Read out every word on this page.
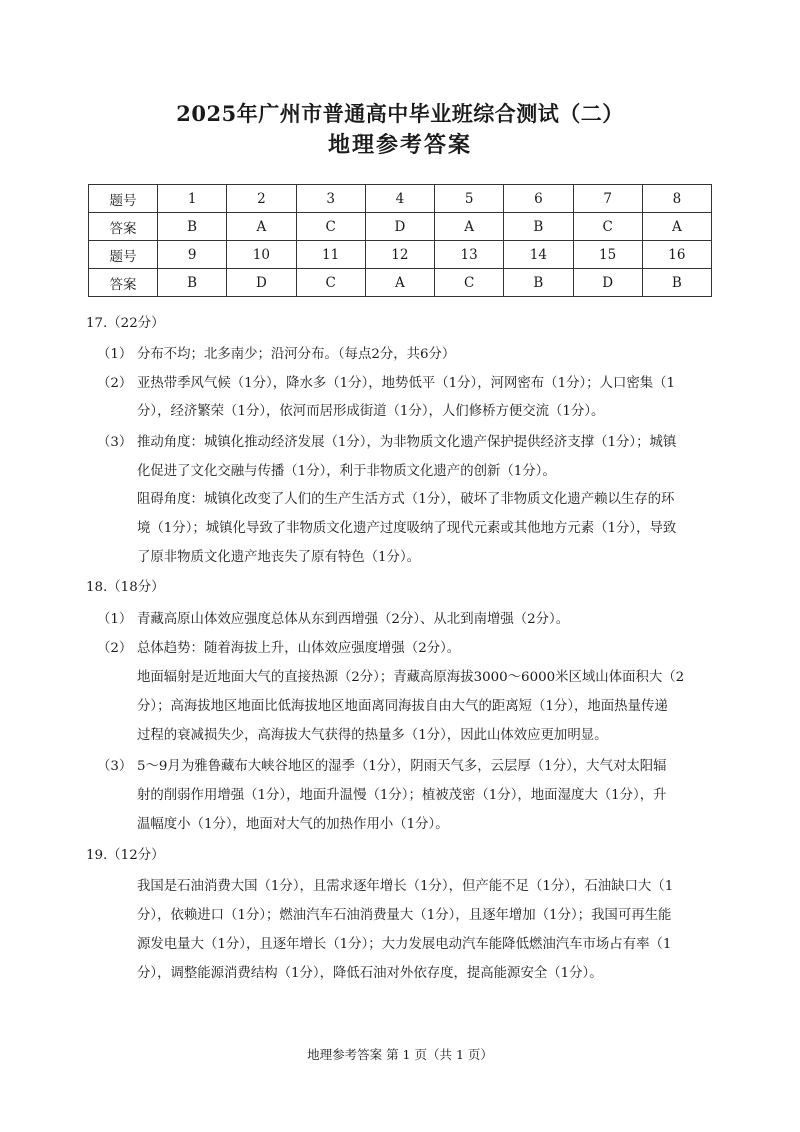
2025年广州市普通高中毕业班综合测试（二）
地理参考答案
题号	1	2	3	4	5	6	7	8
答案	B	A	C	D	A	B	C	A
题号	9	10	11	12	13	14	15	16
答案	B	D	C	A	C	B	D	B
17.（22分）
（1） 分布不均；北多南少；沿河分布。（每点2分，共6分）
（2） 亚热带季风气候（1分），降水多（1分），地势低平（1分），河网密布（1分）；人口密集（1
分），经济繁荣（1分），依河而居形成街道（1分），人们修桥方便交流（1分）。
（3） 推动角度：城镇化推动经济发展（1分），为非物质文化遗产保护提供经济支撑（1分）；城镇
化促进了文化交融与传播（1分），利于非物质文化遗产的创新（1分）。
阻碍角度：城镇化改变了人们的生产生活方式（1分），破坏了非物质文化遗产赖以生存的环
境（1分）；城镇化导致了非物质文化遗产过度吸纳了现代元素或其他地方元素（1分），导致
了原非物质文化遗产地丧失了原有特色（1分）。
18.（18分）
（1） 青藏高原山体效应强度总体从东到西增强（2分）、从北到南增强（2分）。
（2） 总体趋势：随着海拔上升，山体效应强度增强（2分）。
地面辐射是近地面大气的直接热源（2分）；青藏高原海拔3000～6000米区域山体面积大（2
分）；高海拔地区地面比低海拔地区地面离同海拔自由大气的距离短（1分），地面热量传递
过程的衰减损失少，高海拔大气获得的热量多（1分），因此山体效应更加明显。
（3） 5～9月为雅鲁藏布大峡谷地区的湿季（1分），阴雨天气多，云层厚（1分），大气对太阳辐
射的削弱作用增强（1分），地面升温慢（1分）；植被茂密（1分），地面湿度大（1分），升
温幅度小（1分），地面对大气的加热作用小（1分）。
19.（12分）
我国是石油消费大国（1分），且需求逐年增长（1分），但产能不足（1分），石油缺口大（1
分），依赖进口（1分）；燃油汽车石油消费量大（1分），且逐年增加（1分）；我国可再生能
源发电量大（1分），且逐年增长（1分）；大力发展电动汽车能降低燃油汽车市场占有率（1
分），调整能源消费结构（1分），降低石油对外依存度，提高能源安全（1分）。
地理参考答案 第 1 页（共 1 页）
